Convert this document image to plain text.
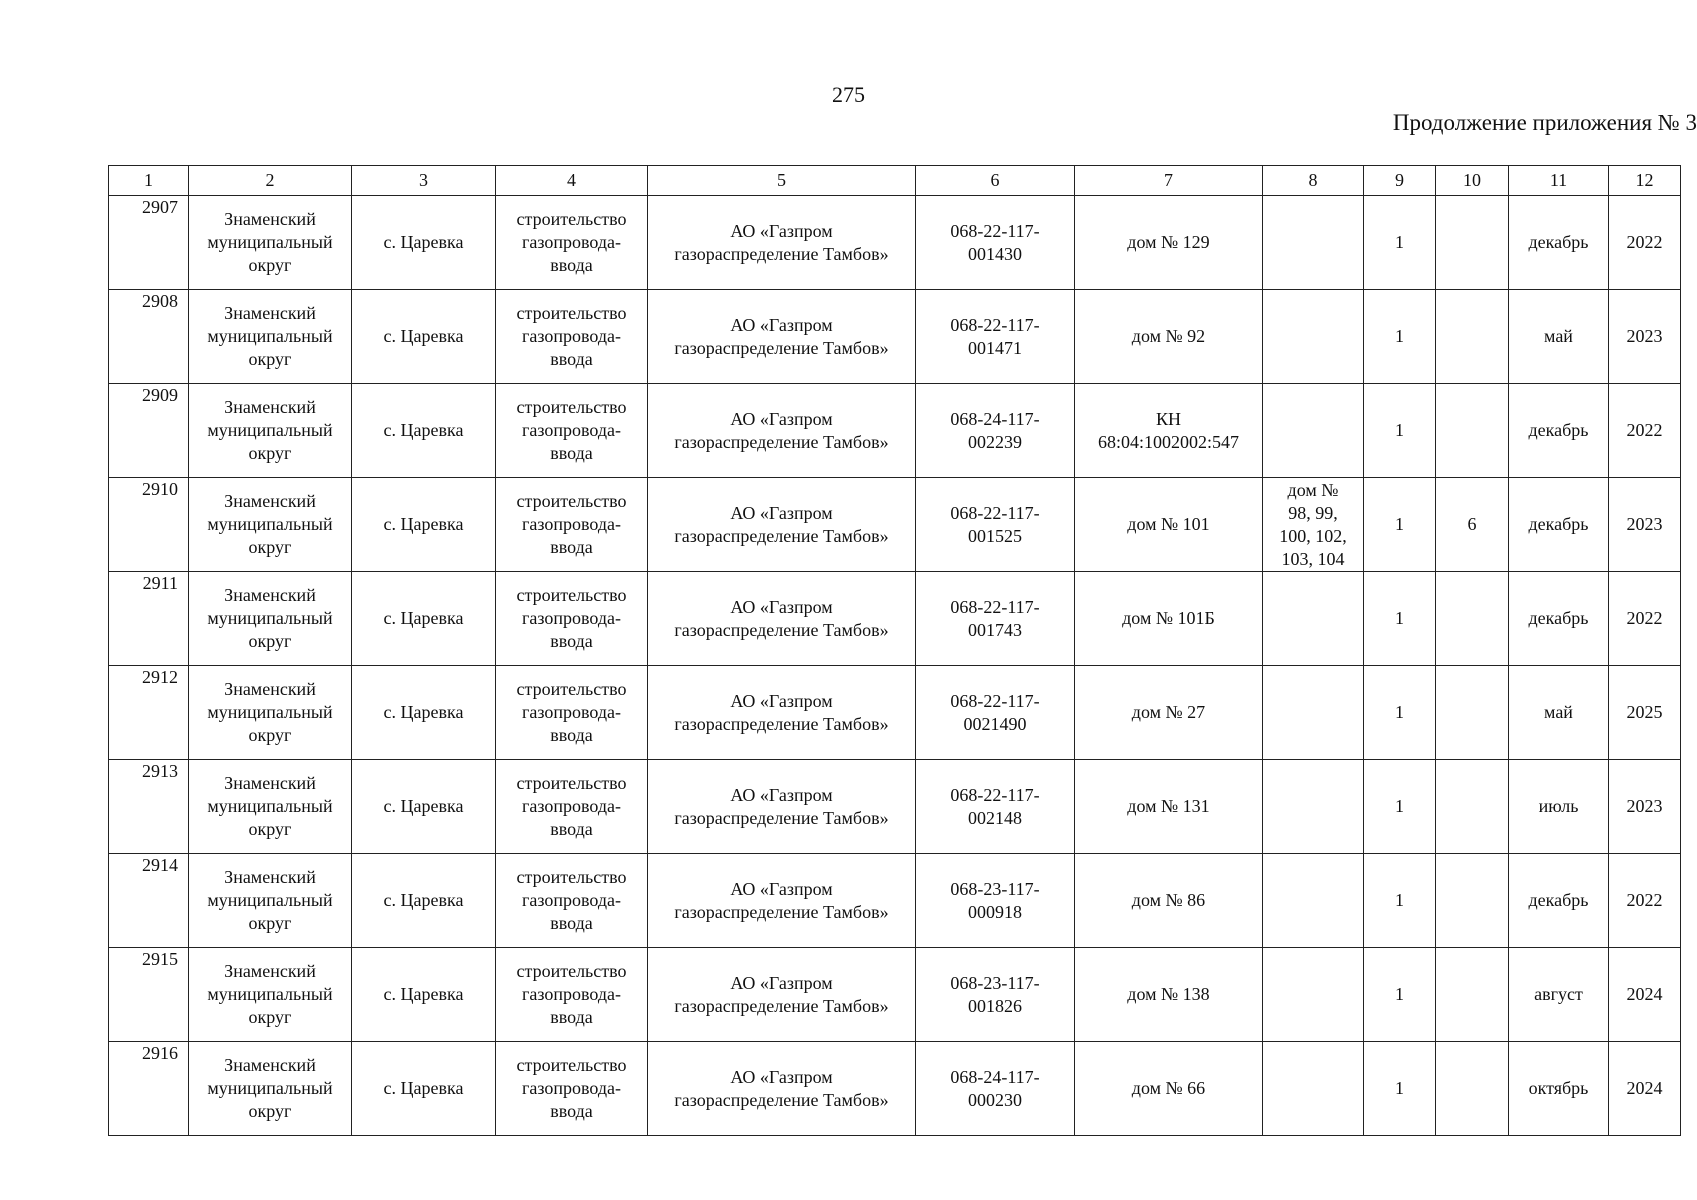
275
Продолжение приложения № 3
1	2	3	4	5	6	7	8	9	10	11	12
2907	Знаменский
муниципальный
округ	с. Царевка	строительство
газопровода-
ввода	АО «Газпром
газораспределение Тамбов»	068-22-117-
001430	дом № 129		1		декабрь	2022
2908	Знаменский
муниципальный
округ	с. Царевка	строительство
газопровода-
ввода	АО «Газпром
газораспределение Тамбов»	068-22-117-
001471	дом № 92		1		май	2023
2909	Знаменский
муниципальный
округ	с. Царевка	строительство
газопровода-
ввода	АО «Газпром
газораспределение Тамбов»	068-24-117-
002239	КН
68:04:1002002:547		1		декабрь	2022
2910	Знаменский
муниципальный
округ	с. Царевка	строительство
газопровода-
ввода	АО «Газпром
газораспределение Тамбов»	068-22-117-
001525	дом № 101	дом №
98, 99,
100, 102,
103, 104	1	6	декабрь	2023
2911	Знаменский
муниципальный
округ	с. Царевка	строительство
газопровода-
ввода	АО «Газпром
газораспределение Тамбов»	068-22-117-
001743	дом № 101Б		1		декабрь	2022
2912	Знаменский
муниципальный
округ	с. Царевка	строительство
газопровода-
ввода	АО «Газпром
газораспределение Тамбов»	068-22-117-
0021490	дом № 27		1		май	2025
2913	Знаменский
муниципальный
округ	с. Царевка	строительство
газопровода-
ввода	АО «Газпром
газораспределение Тамбов»	068-22-117-
002148	дом № 131		1		июль	2023
2914	Знаменский
муниципальный
округ	с. Царевка	строительство
газопровода-
ввода	АО «Газпром
газораспределение Тамбов»	068-23-117-
000918	дом № 86		1		декабрь	2022
2915	Знаменский
муниципальный
округ	с. Царевка	строительство
газопровода-
ввода	АО «Газпром
газораспределение Тамбов»	068-23-117-
001826	дом № 138		1		август	2024
2916	Знаменский
муниципальный
округ	с. Царевка	строительство
газопровода-
ввода	АО «Газпром
газораспределение Тамбов»	068-24-117-
000230	дом № 66		1		октябрь	2024
